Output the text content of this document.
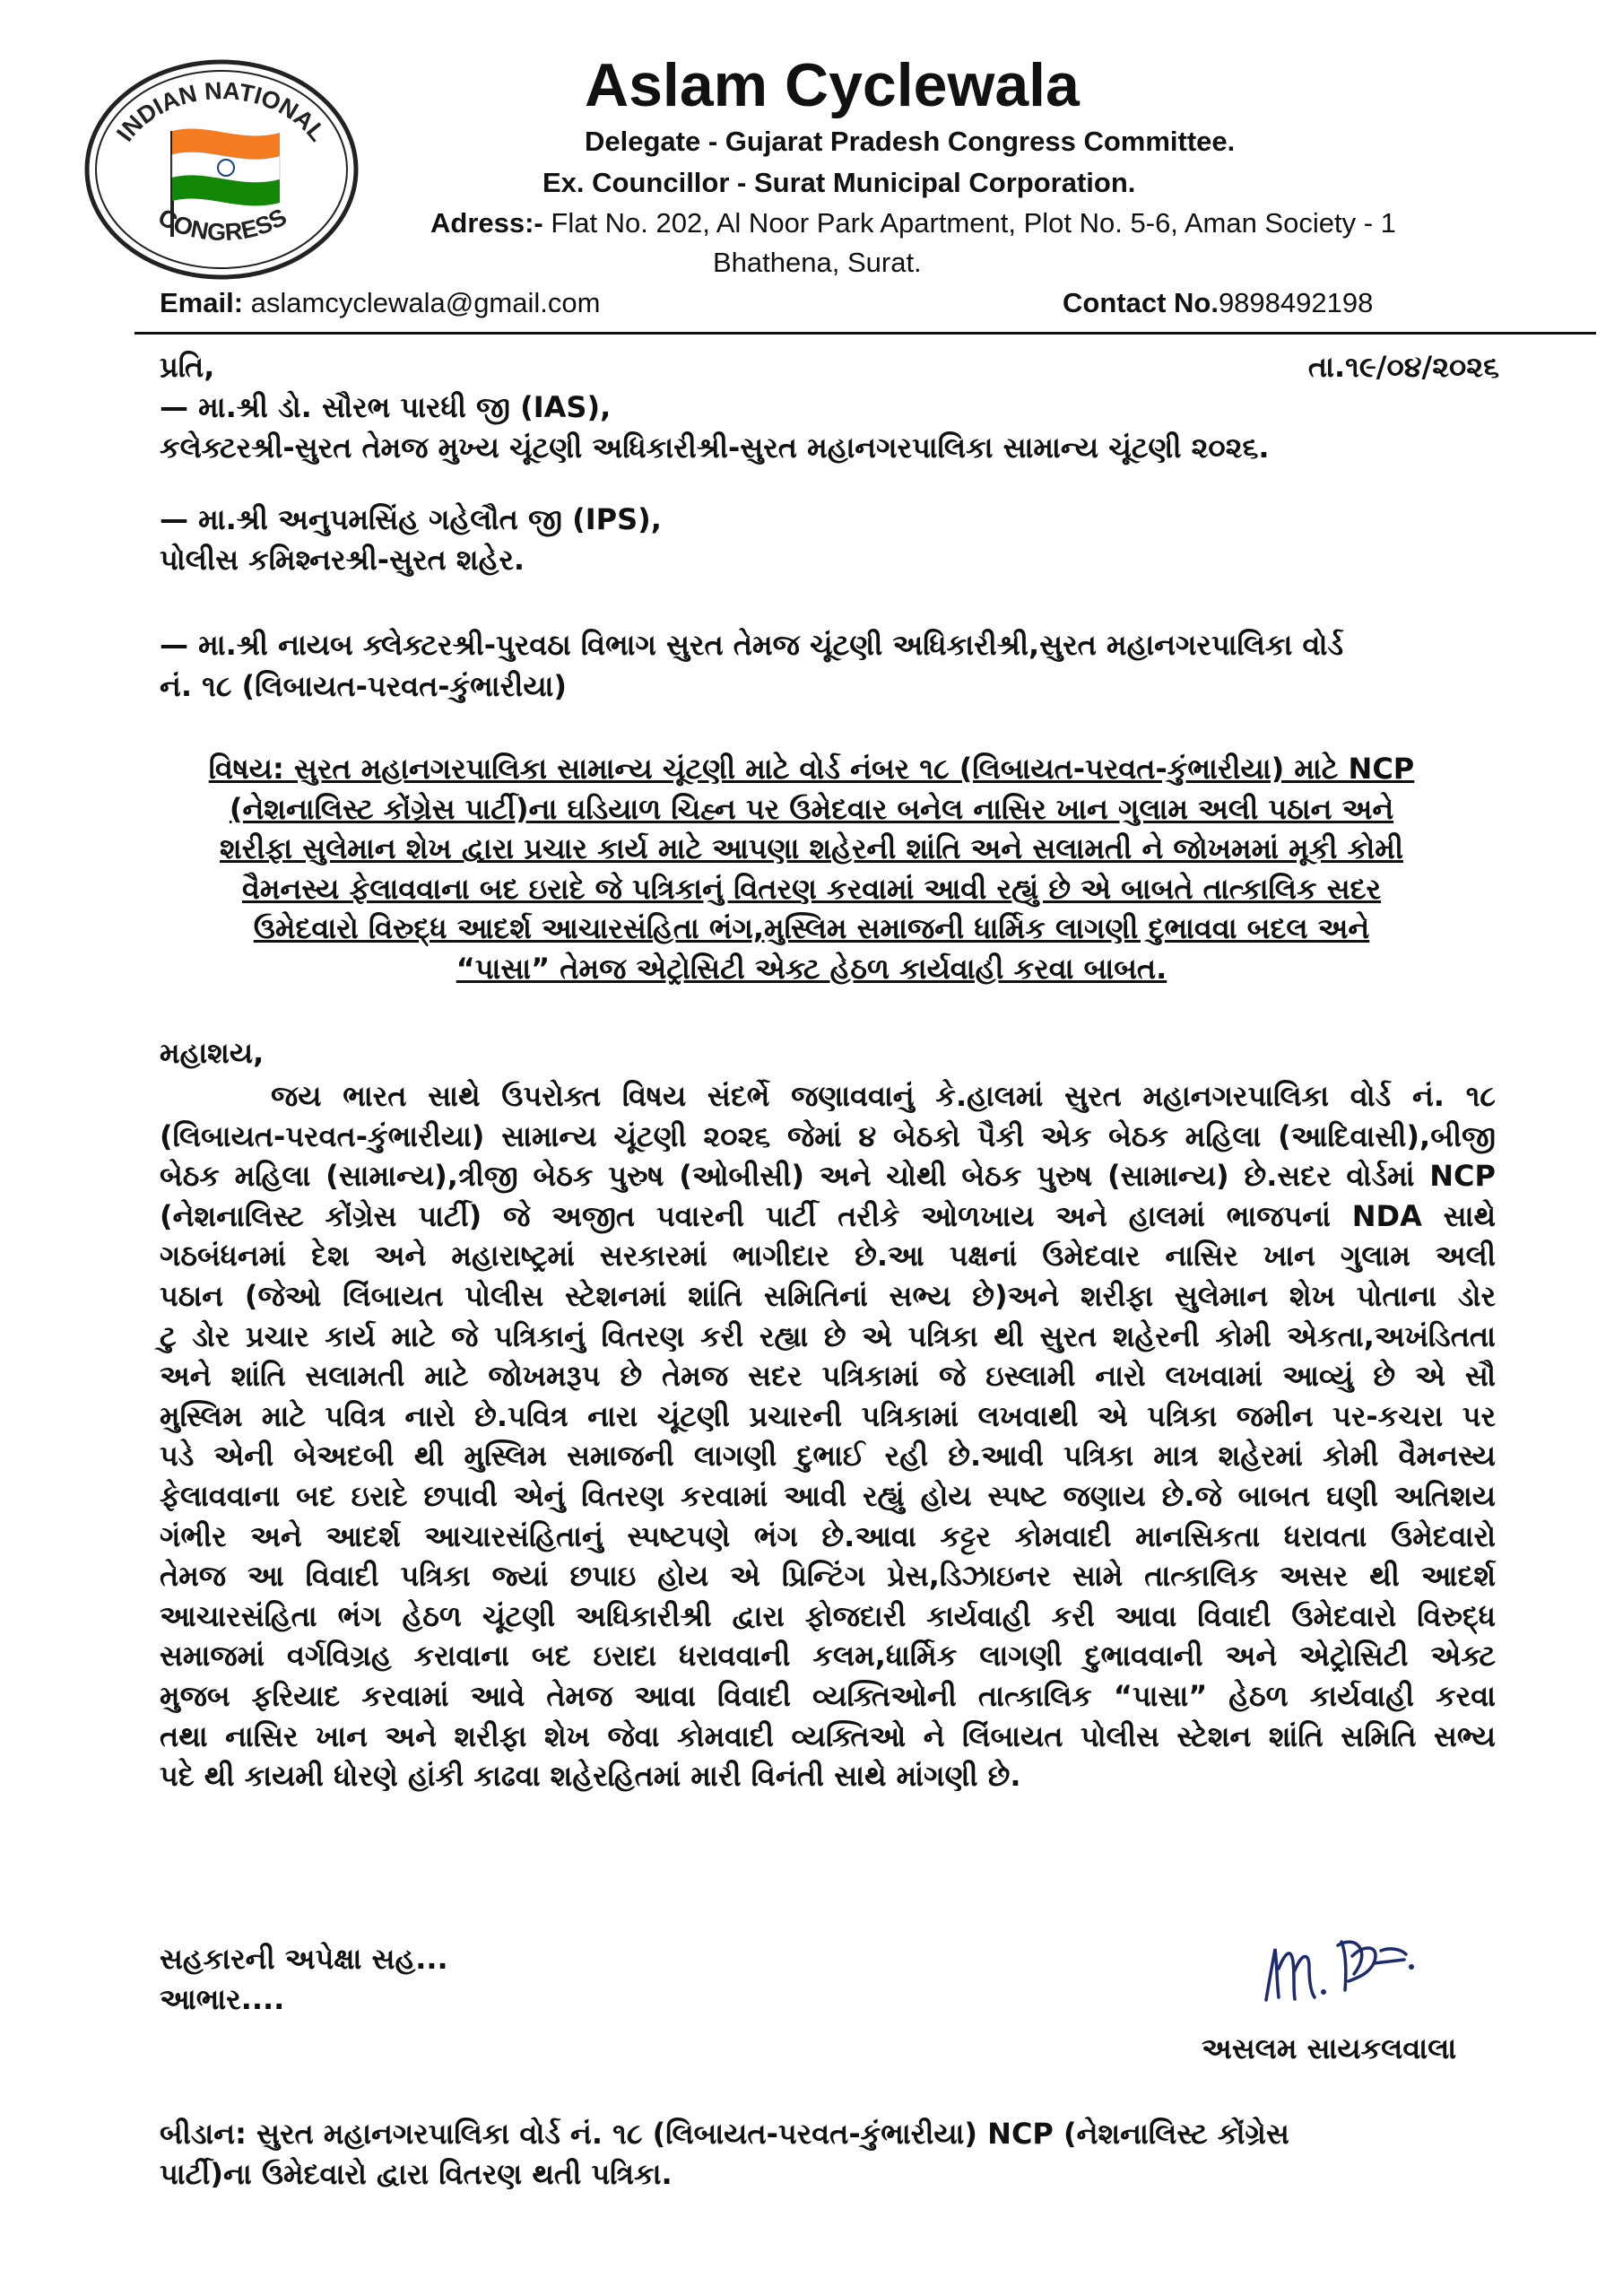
INDIAN NATIONAL
CONGRESS
Aslam Cyclewala
Delegate - Gujarat Pradesh Congress Committee.
Ex. Councillor - Surat Municipal Corporation.
Adress:- Flat No. 202, Al Noor Park Apartment, Plot No. 5-6, Aman Society - 1
Bhathena, Surat.
Email: aslamcyclewala@gmail.com	Contact No.9898492198
પ્રતિ,	તા.૧૯/૦૪/૨૦૨૬
— મા.શ્રી ડો. સૌરભ પારધી જી (IAS),
કલેક્ટરશ્રી-સુરત તેમજ મુખ્ય ચૂંટણી અધિકારીશ્રી-સુરત મહાનગરપાલિકા સામાન્ય ચૂંટણી ૨૦૨૬.
— મા.શ્રી અનુપમસિંહ ગહેલૌત જી (IPS),
પોલીસ કમિશ્નરશ્રી-સુરત શહેર.
— મા.શ્રી નાયબ ક્લેક્ટરશ્રી-પુરવઠા વિભાગ સુરત તેમજ ચૂંટણી અધિકારીશ્રી,સુરત મહાનગરપાલિકા વોર્ડ
નં. ૧૮ (લિબાયત-પરવત-કુંભારીયા)
વિષય: સુરત મહાનગરપાલિકા સામાન્ય ચૂંટણી માટે વોર્ડ નંબર ૧૮ (લિબાયત-પરવત-કુંભારીયા) માટે NCP
(નેશનાલિસ્ટ કોંગ્રેસ પાર્ટી)ના ઘડિયાળ ચિહ્ન પર ઉમેદવાર બનેલ નાસિર ખાન ગુલામ અલી પઠાન અને
શરીફા સુલેમાન શેખ દ્વારા પ્રચાર કાર્ય માટે આપણા શહેરની શાંતિ અને સલામતી ને જોખમમાં મૂકી કોમી
વૈમનસ્ય ફેલાવવાના બદ ઇરાદે જે પત્રિકાનું વિતરણ કરવામાં આવી રહ્યું છે એ બાબતે તાત્કાલિક સદર
ઉમેદવારો વિરુદ્ધ આદર્શ આચારસંહિતા ભંગ,મુસ્લિમ સમાજની ધાર્મિક લાગણી દુભાવવા બદલ અને
“પાસા” તેમજ એટ્રોસિટી એક્ટ હેઠળ કાર્યવાહી કરવા બાબત.
મહાશય,
જય ભારત સાથે ઉપરોક્ત વિષય સંદર્ભે જણાવવાનું કે.હાલમાં સુરત મહાનગરપાલિકા વોર્ડ નં. ૧૮
(લિબાયત-પરવત-કુંભારીયા) સામાન્ય ચૂંટણી ૨૦૨૬ જેમાં ૪ બેઠકો પૈકી એક બેઠક મહિલા (આદિવાસી),બીજી
બેઠક મહિલા (સામાન્ય),ત્રીજી બેઠક પુરુષ (ઓબીસી) અને ચોથી બેઠક પુરુષ (સામાન્ય) છે.સદર વોર્ડમાં NCP
(નેશનાલિસ્ટ કોંગ્રેસ પાર્ટી) જે અજીત પવારની પાર્ટી તરીકે ઓળખાય અને હાલમાં ભાજપનાં NDA સાથે
ગઠબંધનમાં દેશ અને મહારાષ્ટ્રમાં સરકારમાં ભાગીદાર છે.આ પક્ષનાં ઉમેદવાર નાસિર ખાન ગુલામ અલી
પઠાન (જેઓ લિંબાયત પોલીસ સ્ટેશનમાં શાંતિ સમિતિનાં સભ્ય છે)અને શરીફા સુલેમાન શેખ પોતાના ડોર
ટુ ડોર પ્રચાર કાર્ય માટે જે પત્રિકાનું વિતરણ કરી રહ્યા છે એ પત્રિકા થી સુરત શહેરની કોમી એકતા,અખંડિતતા
અને શાંતિ સલામતી માટે જોખમરૂપ છે તેમજ સદર પત્રિકામાં જે ઇસ્લામી નારો લખવામાં આવ્યું છે એ સૌ
મુસ્લિમ માટે પવિત્ર નારો છે.પવિત્ર નારા ચૂંટણી પ્રચારની પત્રિકામાં લખવાથી એ પત્રિકા જમીન પર-કચરા પર
પડે એની બેઅદબી થી મુસ્લિમ સમાજની લાગણી દુભાઈ રહી છે.આવી પત્રિકા માત્ર શહેરમાં કોમી વૈમનસ્ય
ફેલાવવાના બદ ઇરાદે છપાવી એનું વિતરણ કરવામાં આવી રહ્યું હોય સ્પષ્ટ જણાય છે.જે બાબત ઘણી અતિશય
ગંભીર અને આદર્શ આચારસંહિતાનું સ્પષ્ટપણે ભંગ છે.આવા કટ્ટર કોમવાદી માનસિકતા ધરાવતા ઉમેદવારો
તેમજ આ વિવાદી પત્રિકા જ્યાં છપાઇ હોય એ પ્રિન્ટિંગ પ્રેસ,ડિઝાઇનર સામે તાત્કાલિક અસર થી આદર્શ
આચારસંહિતા ભંગ હેઠળ ચૂંટણી અધિકારીશ્રી દ્વારા ફોજદારી કાર્યવાહી કરી આવા વિવાદી ઉમેદવારો વિરુદ્ધ
સમાજમાં વર્ગવિગ્રહ કરાવાના બદ ઇરાદા ધરાવવાની કલમ,ધાર્મિક લાગણી દુભાવવાની અને એટ્રોસિટી એક્ટ
મુજબ ફરિયાદ કરવામાં આવે તેમજ આવા વિવાદી વ્યક્તિઓની તાત્કાલિક “પાસા” હેઠળ કાર્યવાહી કરવા
તથા નાસિર ખાન અને શરીફા શેખ જેવા કોમવાદી વ્યક્તિઓ ને લિંબાયત પોલીસ સ્ટેશન શાંતિ સમિતિ સભ્ય
પદે થી કાયમી ધોરણે હાંકી કાઢવા શહેરહિતમાં મારી વિનંતી સાથે માંગણી છે.
સહકારની અપેક્ષા સહ...
આભાર....
અસલમ સાયકલવાલા
બીડાન: સુરત મહાનગરપાલિકા વોર્ડ નં. ૧૮ (લિબાયત-પરવત-કુંભારીયા) NCP (નેશનાલિસ્ટ કોંગ્રેસ
પાર્ટી)ના ઉમેદવારો દ્વારા વિતરણ થતી પત્રિકા.
